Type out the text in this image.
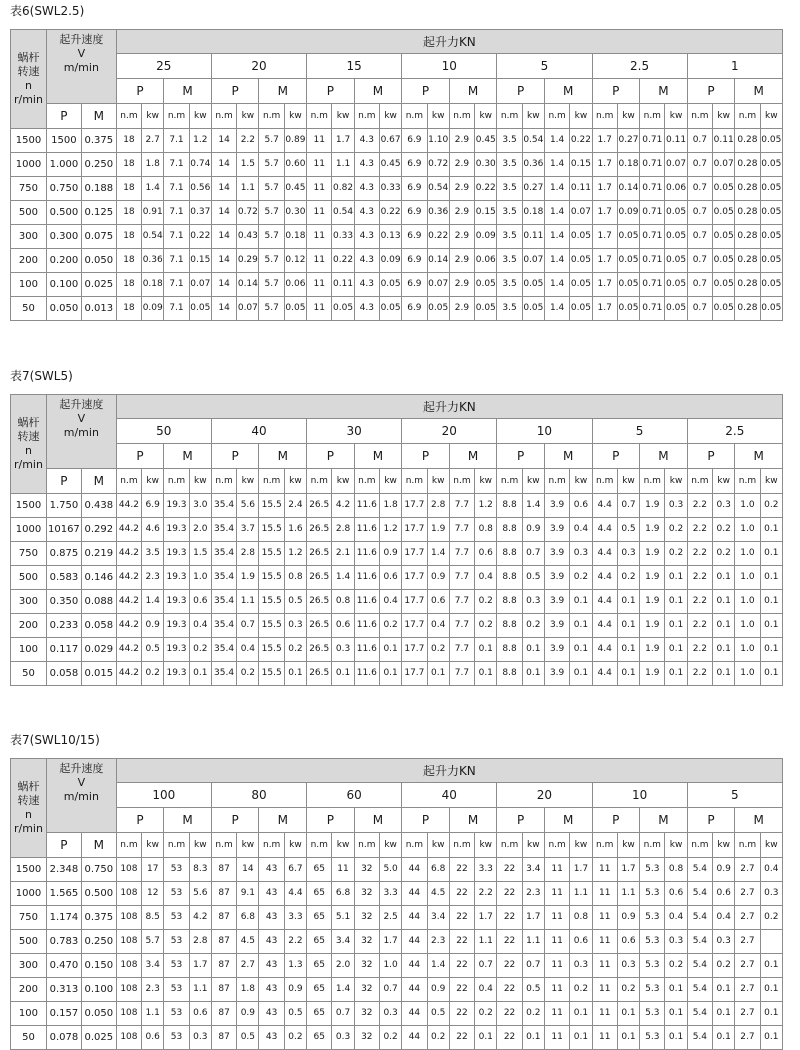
表6(SWL2.5)
蜗杆
转速
n
r/min	起升速度
V
m/min		起升力KN																											
			25				20				15				10				5				2.5				1			
			P		M		P		M		P		M		P		M		P		M		P		M		P		M	
	P	M	n.m	kw	n.m	kw	n.m	kw	n.m	kw	n.m	kw	n.m	kw	n.m	kw	n.m	kw	n.m	kw	n.m	kw	n.m	kw	n.m	kw	n.m	kw	n.m	kw
1500	1500	0.375	18	2.7	7.1	1.2	14	2.2	5.7	0.89	11	1.7	4.3	0.67	6.9	1.10	2.9	0.45	3.5	0.54	1.4	0.22	1.7	0.27	0.71	0.11	0.7	0.11	0.28	0.05
1000	1.000	0.250	18	1.8	7.1	0.74	14	1.5	5.7	0.60	11	1.1	4.3	0.45	6.9	0.72	2.9	0.30	3.5	0.36	1.4	0.15	1.7	0.18	0.71	0.07	0.7	0.07	0.28	0.05
750	0.750	0.188	18	1.4	7.1	0.56	14	1.1	5.7	0.45	11	0.82	4.3	0.33	6.9	0.54	2.9	0.22	3.5	0.27	1.4	0.11	1.7	0.14	0.71	0.06	0.7	0.05	0.28	0.05
500	0.500	0.125	18	0.91	7.1	0.37	14	0.72	5.7	0.30	11	0.54	4.3	0.22	6.9	0.36	2.9	0.15	3.5	0.18	1.4	0.07	1.7	0.09	0.71	0.05	0.7	0.05	0.28	0.05
300	0.300	0.075	18	0.54	7.1	0.22	14	0.43	5.7	0.18	11	0.33	4.3	0.13	6.9	0.22	2.9	0.09	3.5	0.11	1.4	0.05	1.7	0.05	0.71	0.05	0.7	0.05	0.28	0.05
200	0.200	0.050	18	0.36	7.1	0.15	14	0.29	5.7	0.12	11	0.22	4.3	0.09	6.9	0.14	2.9	0.06	3.5	0.07	1.4	0.05	1.7	0.05	0.71	0.05	0.7	0.05	0.28	0.05
100	0.100	0.025	18	0.18	7.1	0.07	14	0.14	5.7	0.06	11	0.11	4.3	0.05	6.9	0.07	2.9	0.05	3.5	0.05	1.4	0.05	1.7	0.05	0.71	0.05	0.7	0.05	0.28	0.05
50	0.050	0.013	18	0.09	7.1	0.05	14	0.07	5.7	0.05	11	0.05	4.3	0.05	6.9	0.05	2.9	0.05	3.5	0.05	1.4	0.05	1.7	0.05	0.71	0.05	0.7	0.05	0.28	0.05
表7(SWL5)
蜗杆
转速
n
r/min	起升速度
V
m/min		起升力KN																											
			50				40				30				20				10				5				2.5			
			P		M		P		M		P		M		P		M		P		M		P		M		P		M	
	P	M	n.m	kw	n.m	kw	n.m	kw	n.m	kw	n.m	kw	n.m	kw	n.m	kw	n.m	kw	n.m	kw	n.m	kw	n.m	kw	n.m	kw	n.m	kw	n.m	kw
1500	1.750	0.438	44.2	6.9	19.3	3.0	35.4	5.6	15.5	2.4	26.5	4.2	11.6	1.8	17.7	2.8	7.7	1.2	8.8	1.4	3.9	0.6	4.4	0.7	1.9	0.3	2.2	0.3	1.0	0.2
1000	10167	0.292	44.2	4.6	19.3	2.0	35.4	3.7	15.5	1.6	26.5	2.8	11.6	1.2	17.7	1.9	7.7	0.8	8.8	0.9	3.9	0.4	4.4	0.5	1.9	0.2	2.2	0.2	1.0	0.1
750	0.875	0.219	44.2	3.5	19.3	1.5	35.4	2.8	15.5	1.2	26.5	2.1	11.6	0.9	17.7	1.4	7.7	0.6	8.8	0.7	3.9	0.3	4.4	0.3	1.9	0.2	2.2	0.2	1.0	0.1
500	0.583	0.146	44.2	2.3	19.3	1.0	35.4	1.9	15.5	0.8	26.5	1.4	11.6	0.6	17.7	0.9	7.7	0.4	8.8	0.5	3.9	0.2	4.4	0.2	1.9	0.1	2.2	0.1	1.0	0.1
300	0.350	0.088	44.2	1.4	19.3	0.6	35.4	1.1	15.5	0.5	26.5	0.8	11.6	0.4	17.7	0.6	7.7	0.2	8.8	0.3	3.9	0.1	4.4	0.1	1.9	0.1	2.2	0.1	1.0	0.1
200	0.233	0.058	44.2	0.9	19.3	0.4	35.4	0.7	15.5	0.3	26.5	0.6	11.6	0.2	17.7	0.4	7.7	0.2	8.8	0.2	3.9	0.1	4.4	0.1	1.9	0.1	2.2	0.1	1.0	0.1
100	0.117	0.029	44.2	0.5	19.3	0.2	35.4	0.4	15.5	0.2	26.5	0.3	11.6	0.1	17.7	0.2	7.7	0.1	8.8	0.1	3.9	0.1	4.4	0.1	1.9	0.1	2.2	0.1	1.0	0.1
50	0.058	0.015	44.2	0.2	19.3	0.1	35.4	0.2	15.5	0.1	26.5	0.1	11.6	0.1	17.7	0.1	7.7	0.1	8.8	0.1	3.9	0.1	4.4	0.1	1.9	0.1	2.2	0.1	1.0	0.1
表7(SWL10/15)
蜗杆
转速
n
r/min	起升速度
V
m/min		起升力KN																											
			100				80				60				40				20				10				5			
			P		M		P		M		P		M		P		M		P		M		P		M		P		M	
	P	M	n.m	kw	n.m	kw	n.m	kw	n.m	kw	n.m	kw	n.m	kw	n.m	kw	n.m	kw	n.m	kw	n.m	kw	n.m	kw	n.m	kw	n.m	kw	n.m	kw
1500	2.348	0.750	108	17	53	8.3	87	14	43	6.7	65	11	32	5.0	44	6.8	22	3.3	22	3.4	11	1.7	11	1.7	5.3	0.8	5.4	0.9	2.7	0.4
1000	1.565	0.500	108	12	53	5.6	87	9.1	43	4.4	65	6.8	32	3.3	44	4.5	22	2.2	22	2.3	11	1.1	11	1.1	5.3	0.6	5.4	0.6	2.7	0.3
750	1.174	0.375	108	8.5	53	4.2	87	6.8	43	3.3	65	5.1	32	2.5	44	3.4	22	1.7	22	1.7	11	0.8	11	0.9	5.3	0.4	5.4	0.4	2.7	0.2
500	0.783	0.250	108	5.7	53	2.8	87	4.5	43	2.2	65	3.4	32	1.7	44	2.3	22	1.1	22	1.1	11	0.6	11	0.6	5.3	0.3	5.4	0.3	2.7	
300	0.470	0.150	108	3.4	53	1.7	87	2.7	43	1.3	65	2.0	32	1.0	44	1.4	22	0.7	22	0.7	11	0.3	11	0.3	5.3	0.2	5.4	0.2	2.7	0.1
200	0.313	0.100	108	2.3	53	1.1	87	1.8	43	0.9	65	1.4	32	0.7	44	0.9	22	0.4	22	0.5	11	0.2	11	0.2	5.3	0.1	5.4	0.1	2.7	0.1
100	0.157	0.050	108	1.1	53	0.6	87	0.9	43	0.5	65	0.7	32	0.3	44	0.5	22	0.2	22	0.2	11	0.1	11	0.1	5.3	0.1	5.4	0.1	2.7	0.1
50	0.078	0.025	108	0.6	53	0.3	87	0.5	43	0.2	65	0.3	32	0.2	44	0.2	22	0.1	22	0.1	11	0.1	11	0.1	5.3	0.1	5.4	0.1	2.7	0.1
